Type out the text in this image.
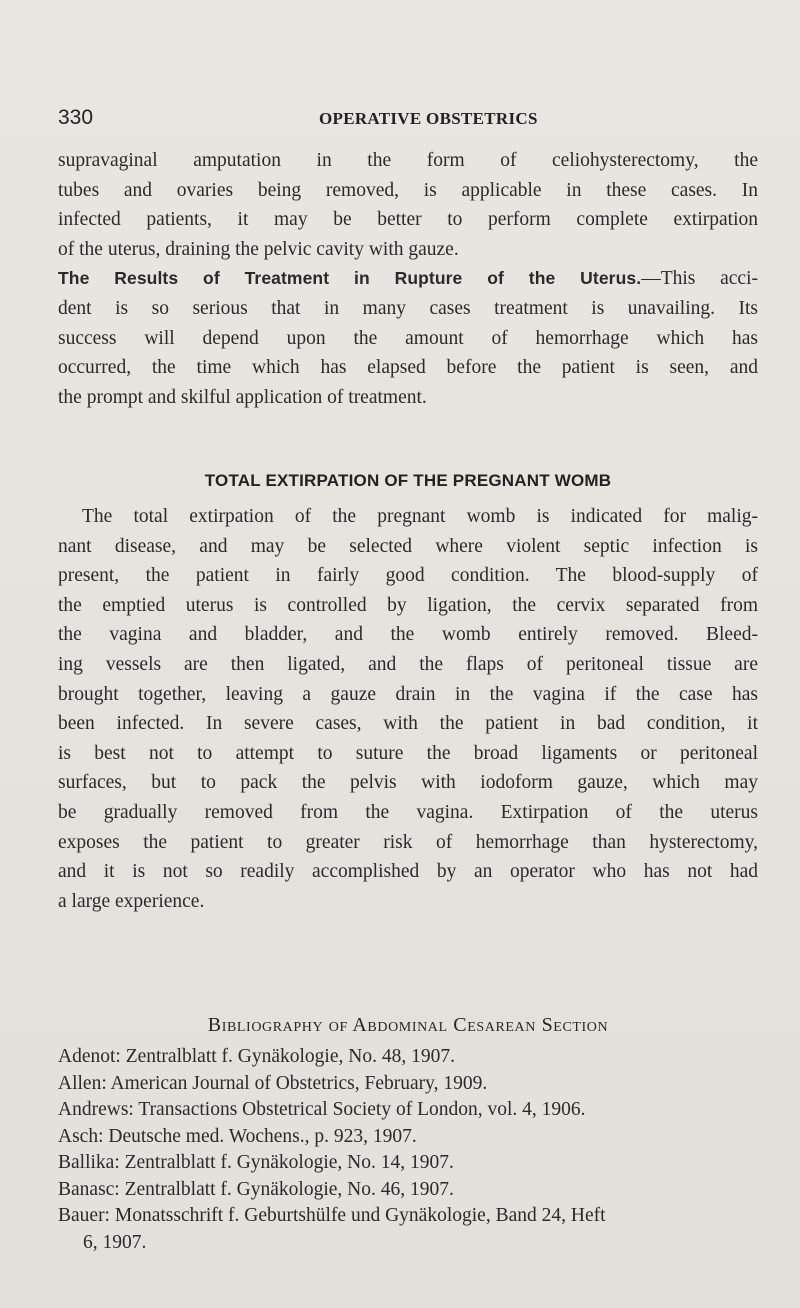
330	OPERATIVE OBSTETRICS
supravaginal amputation in the form of celiohysterectomy, the
tubes and ovaries being removed, is applicable in these cases. In
infected patients, it may be better to perform complete extirpation
of the uterus, draining the pelvic cavity with gauze.
The Results of Treatment in Rupture of the Uterus.—This acci-
dent is so serious that in many cases treatment is unavailing. Its
success will depend upon the amount of hemorrhage which has
occurred, the time which has elapsed before the patient is seen, and
the prompt and skilful application of treatment.
TOTAL EXTIRPATION OF THE PREGNANT WOMB
The total extirpation of the pregnant womb is indicated for malig-
nant disease, and may be selected where violent septic infection is
present, the patient in fairly good condition. The blood-supply of
the emptied uterus is controlled by ligation, the cervix separated from
the vagina and bladder, and the womb entirely removed. Bleed-
ing vessels are then ligated, and the flaps of peritoneal tissue are
brought together, leaving a gauze drain in the vagina if the case has
been infected. In severe cases, with the patient in bad condition, it
is best not to attempt to suture the broad ligaments or peritoneal
surfaces, but to pack the pelvis with iodoform gauze, which may
be gradually removed from the vagina. Extirpation of the uterus
exposes the patient to greater risk of hemorrhage than hysterectomy,
and it is not so readily accomplished by an operator who has not had
a large experience.
Bibliography of Abdominal Cesarean Section
Adenot: Zentralblatt f. Gynäkologie, No. 48, 1907.
Allen: American Journal of Obstetrics, February, 1909.
Andrews: Transactions Obstetrical Society of London, vol. 4, 1906.
Asch: Deutsche med. Wochens., p. 923, 1907.
Ballika: Zentralblatt f. Gynäkologie, No. 14, 1907.
Banasc: Zentralblatt f. Gynäkologie, No. 46, 1907.
Bauer: Monatsschrift f. Geburtshülfe und Gynäkologie, Band 24, Heft
6, 1907.
